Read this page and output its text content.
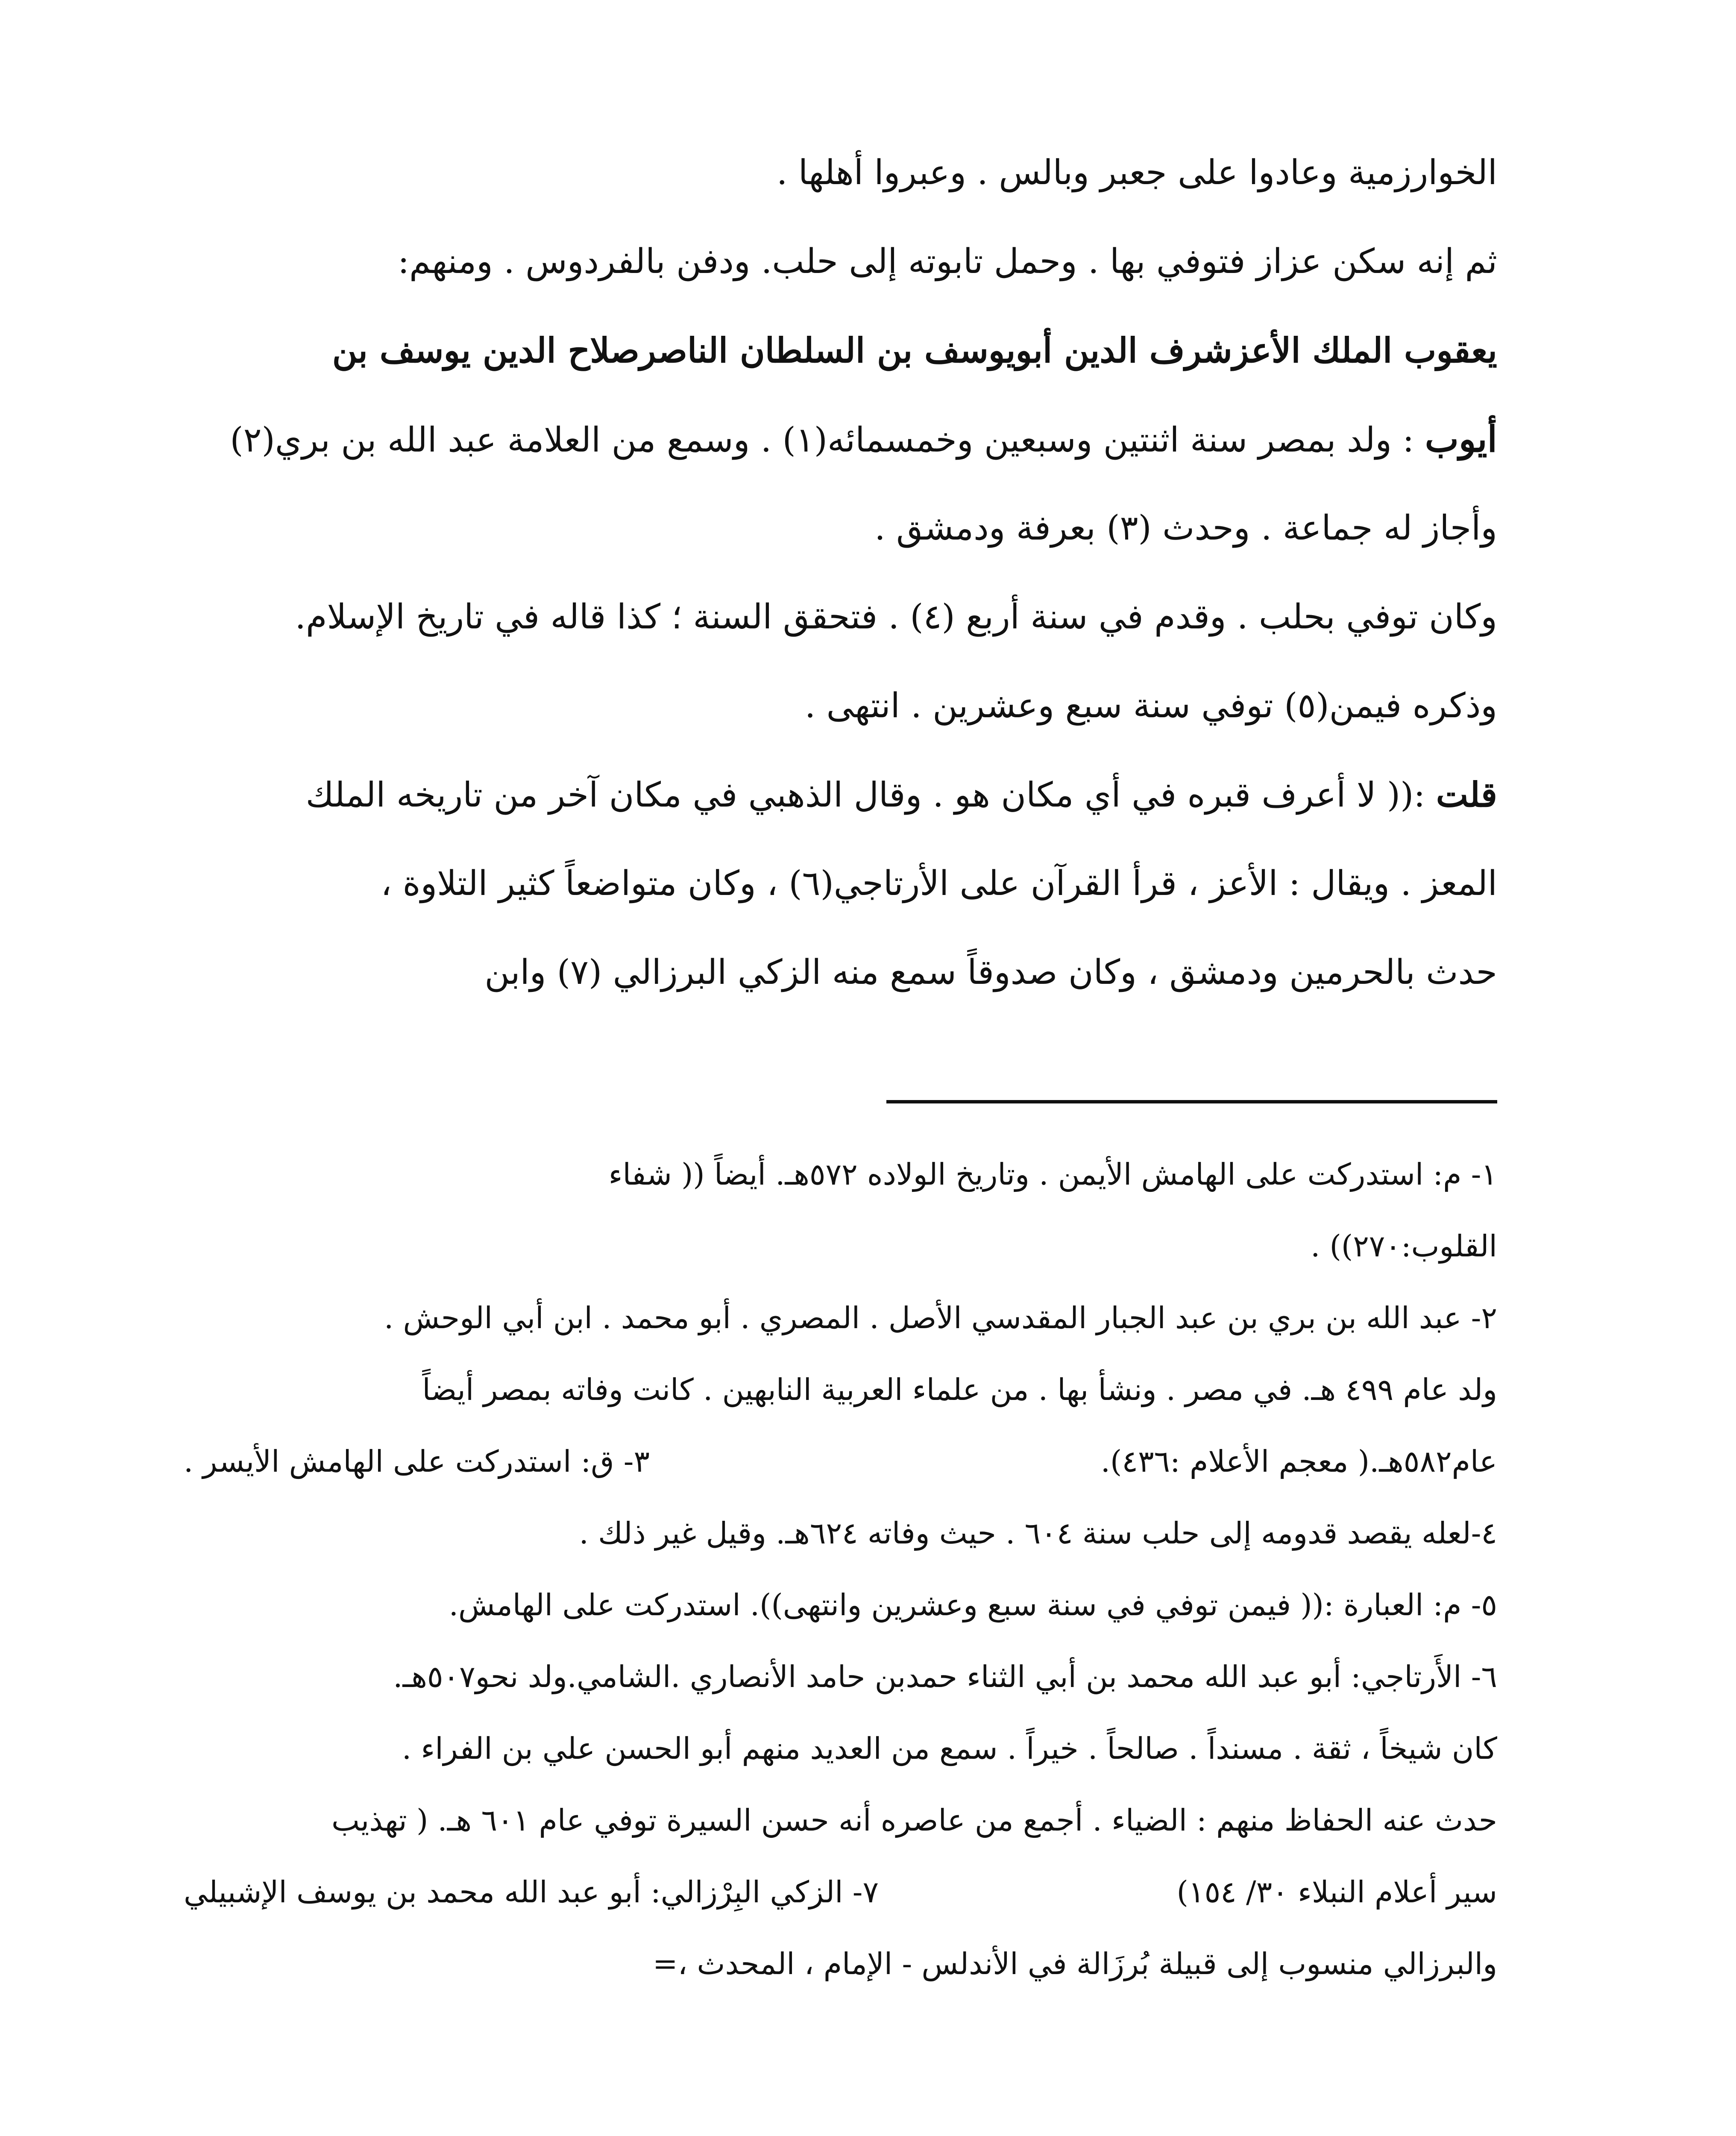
الخوارزمية وعادوا على جعبر وبالس . وعبروا أهلها .
ثم إنه سكن عزاز فتوفي بها . وحمل تابوته إلى حلب. ودفن بالفردوس . ومنهم:
يعقوب الملك الأعزشرف الدين أبويوسف بن السلطان الناصرصلاح الدين يوسف بن
أيوب : ولد بمصر سنة اثنتين وسبعين وخمسمائه(١) . وسمع من العلامة عبد الله بن بري(٢)
وأجاز له جماعة . وحدث (٣) بعرفة ودمشق .
وكان توفي بحلب . وقدم في سنة أربع (٤) . فتحقق السنة ؛ كذا قاله في تاريخ الإسلام.
وذكره فيمن(٥) توفي سنة سبع وعشرين . انتهى .
قلت :(( لا أعرف قبره في أي مكان هو . وقال الذهبي في مكان آخر من تاريخه الملك
المعز . ويقال : الأعز ، قرأ القرآن على الأرتاجي(٦) ، وكان متواضعاً كثير التلاوة ،
حدث بالحرمين ودمشق ، وكان صدوقاً سمع منه الزكي البرزالي (٧) وابن
١- م: استدركت على الهامش الأيمن . وتاريخ الولاده ٥٧٢هـ. أيضاً (( شفاء
القلوب:٢٧٠)) .
٢- عبد الله بن بري بن عبد الجبار المقدسي الأصل . المصري . أبو محمد . ابن أبي الوحش .
ولد عام ٤٩٩ هـ. في مصر . ونشأ بها . من علماء العربية النابهين . كانت وفاته بمصر أيضاً
عام٥٨٢هـ.( معجم الأعلام :٤٣٦).
٣- ق: استدركت على الهامش الأيسر .
٤-لعله يقصد قدومه إلى حلب سنة ٦٠٤ . حيث وفاته ٦٢٤هـ. وقيل غير ذلك .
٥- م: العبارة :(( فيمن توفي في سنة سبع وعشرين وانتهى)). استدركت على الهامش.
٦- الأَرتاجي: أبو عبد الله محمد بن أبي الثناء حمدبن حامد الأنصاري .الشامي.ولد نحو٥٠٧هـ.
كان شيخاً ، ثقة . مسنداً . صالحاً . خيراً . سمع من العديد منهم أبو الحسن علي بن الفراء .
حدث عنه الحفاظ منهم : الضياء . أجمع من عاصره أنه حسن السيرة توفي عام ٦٠١ هـ. ( تهذيب
سير أعلام النبلاء ٣٠/ ١٥٤)
٧- الزكي البِرْزالي: أبو عبد الله محمد بن يوسف الإشبيلي
والبرزالي منسوب إلى قبيلة بُرزَالة في الأندلس - الإمام ، المحدث ،=
